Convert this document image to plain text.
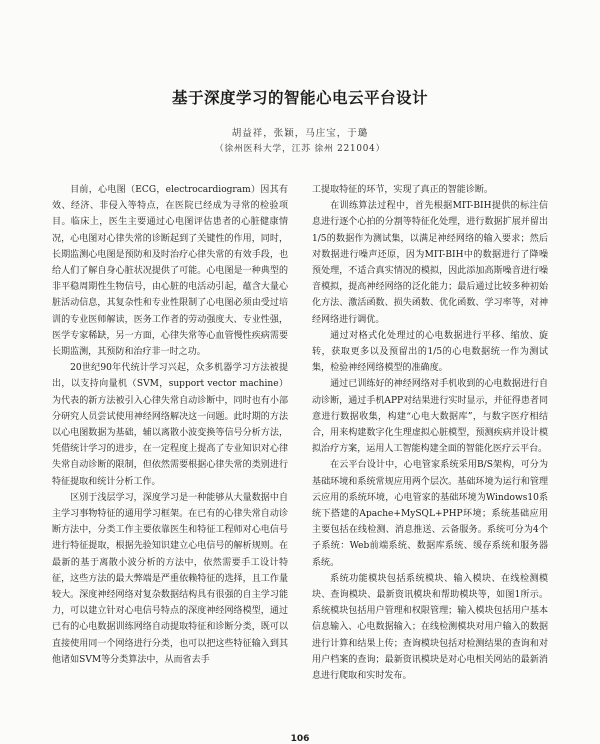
基于深度学习的智能心电云平台设计
胡益祥，张颖，马庄宝，于璐
（徐州医科大学，江苏 徐州 221004）

目前，心电图（ECG，electrocardiogram）因其有效、经济、非侵入等特点，在医院已经成为寻常的检验项目。临床上，医生主要通过心电图评估患者的心脏健康情况，心电图对心律失常的诊断起到了关键性的作用，同时，长期监测心电图是预防和及时治疗心律失常的有效手段，也给人们了解自身心脏状况提供了可能。心电图是一种典型的非平稳周期性生物信号，由心脏的电活动引起，蕴含大量心脏活动信息，其复杂性和专业性限制了心电图必须由受过培训的专业医师解读，医务工作者的劳动强度大、专业性强，医学专家稀缺，另一方面，心律失常等心血管慢性疾病需要长期监测，其预防和治疗非一时之功。

20世纪90年代统计学习兴起，众多机器学习方法被提出，以支持向量机（SVM，support vector machine）为代表的新方法被引入心律失常自动诊断中，同时也有小部分研究人员尝试使用神经网络解决这一问题。此时期的方法以心电图数据为基础，辅以离散小波变换等信号分析方法，凭借统计学习的进步，在一定程度上提高了专业知识对心律失常自动诊断的限制，但依然需要根据心律失常的类别进行特征提取和统计分析工作。

区别于浅层学习，深度学习是一种能够从大量数据中自主学习事物特征的通用学习框架。在已有的心律失常自动诊断方法中，分类工作主要依靠医生和特征工程师对心电信号进行特征提取，根据先验知识建立心电信号的解析规则。在最新的基于离散小波分析的方法中，依然需要手工设计特征，这些方法的最大弊端是严重依赖特征的选择，且工作量较大。深度神经网络对复杂数据结构具有很强的自主学习能力，可以建立针对心电信号特点的深度神经网络模型，通过已有的心电数据训练网络自动提取特征和诊断分类，既可以直接使用同一个网络进行分类，也可以把这些特征输入到其他诸如SVM等分类算法中，从而省去手

工提取特征的环节，实现了真正的智能诊断。

在训练算法过程中，首先根据MIT-BIH提供的标注信息进行逐个心拍的分割等特征化处理，进行数据扩展并留出1/5的数据作为测试集，以满足神经网络的输入要求；然后对数据进行噪声还原，因为MIT-BIH中的数据进行了降噪预处理，不适合真实情况的模拟，因此添加高斯噪音进行噪音模拟，提高神经网络的泛化能力；最后通过比较多种初始化方法、激活函数、损失函数、优化函数、学习率等，对神经网络进行调优。

通过对格式化处理过的心电数据进行平移、缩放、旋转，获取更多以及预留出的1/5的心电数据统一作为测试集，检验神经网络模型的准确度。

通过已训练好的神经网络对手机收到的心电数据进行自动诊断，通过手机APP对结果进行实时显示，并征得患者同意进行数据收集，构建“心电大数据库”，与数字医疗相结合，用来构建数字化生理虚拟心脏模型，预测疾病并设计模拟治疗方案，运用人工智能构建全面的智能化医疗云平台。

在云平台设计中，心电管家系统采用B/S架构，可分为基础环境和系统常规应用两个层次。基础环境为运行和管理云应用的系统环境，心电管家的基础环境为Windows10系统下搭建的Apache+MySQL+PHP环境；系统基础应用主要包括在线检测、消息推送、云备服务。系统可分为4个子系统：Web前端系统、数据库系统、缓存系统和服务器系统。

系统功能模块包括系统模块、输入模块、在线检测模块、查询模块、最新资讯模块和帮助模块等，如图1所示。系统模块包括用户管理和权限管理；输入模块包括用户基本信息输入、心电数据输入；在线检测模块对用户输入的数据进行计算和结果上传；查询模块包括对检测结果的查询和对用户档案的查询；最新资讯模块是对心电相关网站的最新消息进行爬取和实时发布。

106
